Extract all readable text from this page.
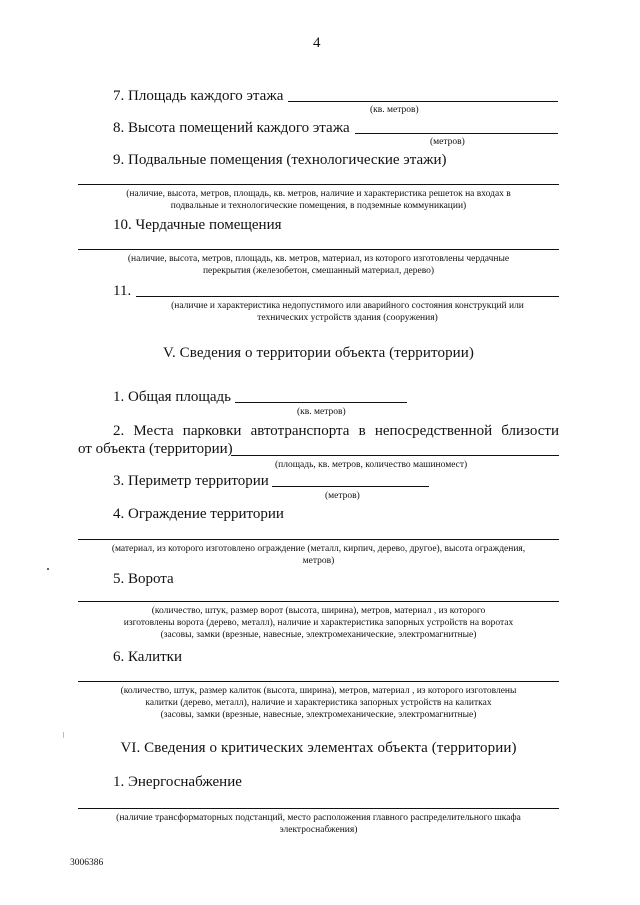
4
7. Площадь каждого этажа
(кв. метров)
8. Высота помещений каждого этажа
(метров)
9. Подвальные помещения (технологические этажи)
(наличие, высота, метров, площадь, кв. метров, наличие и характеристика решеток на входах в
подвальные и технологические помещения, в подземные коммуникации)
10. Чердачные помещения
(наличие, высота, метров, площадь, кв. метров, материал, из которого изготовлены чердачные
перекрытия (железобетон, смешанный материал, дерево)
11.
(наличие и характеристика недопустимого или аварийного состояния конструкций или
технических устройств здания (сооружения)
V. Сведения о территории объекта (территории)
1. Общая площадь
(кв. метров)
2. Места парковки автотранспорта в непосредственной близости
от объекта (территории)
(площадь, кв. метров, количество машиномест)
3. Периметр территории
(метров)
4. Ограждение территории
(материал, из которого изготовлено ограждение (металл, кирпич, дерево, другое), высота ограждения,
метров)
5. Ворота
(количество, штук, размер ворот (высота, ширина), метров, материал , из которого
изготовлены ворота (дерево, металл), наличие и характеристика запорных устройств на воротах
(засовы, замки (врезные, навесные, электромеханические, электромагнитные)
6. Калитки
(количество, штук, размер калиток (высота, ширина), метров, материал , из которого изготовлены
калитки (дерево, металл), наличие и характеристика запорных устройств на калитках
(засовы, замки (врезные, навесные, электромеханические, электромагнитные)
VI. Сведения о критических элементах объекта (территории)
1. Энергоснабжение
(наличие трансформаторных подстанций, место расположения главного распределительного шкафа
электроснабжения)
3006386
